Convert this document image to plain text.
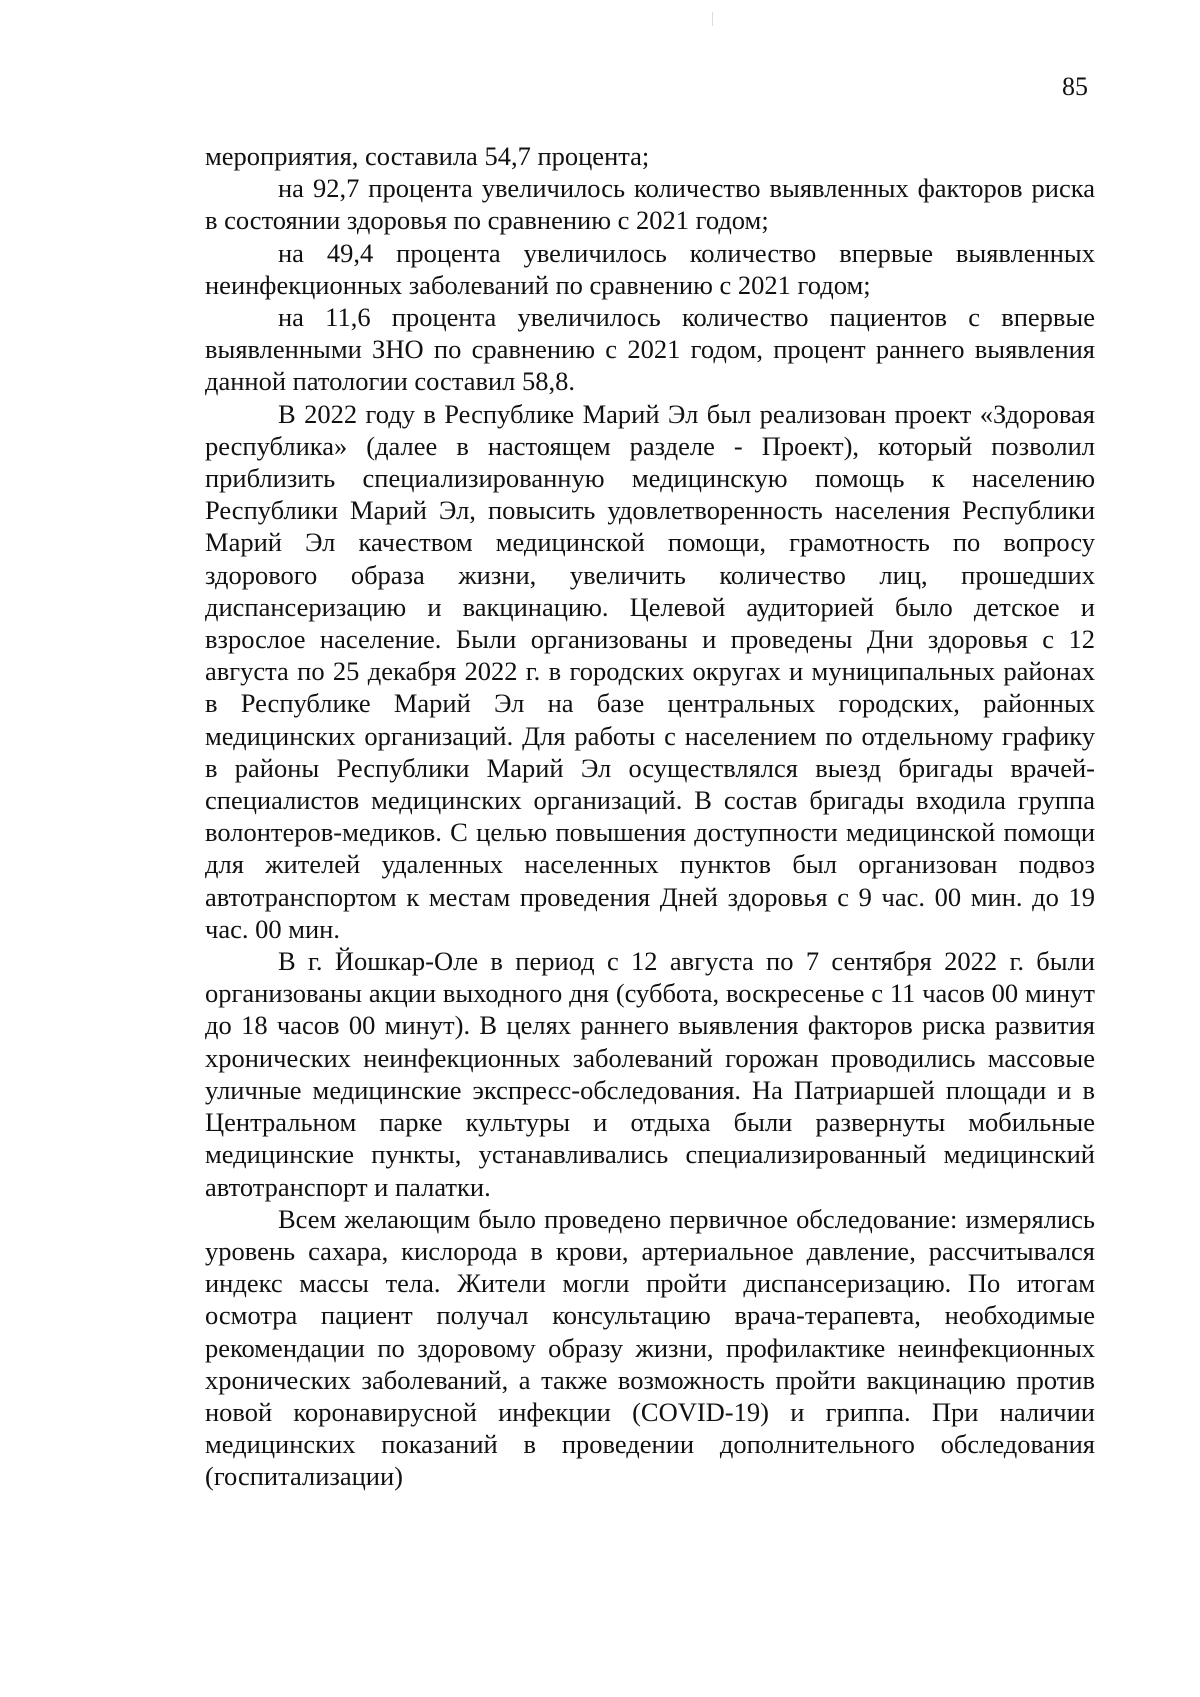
85

мероприятия, составила 54,7 процента;

на 92,7 процента увеличилось количество выявленных факторов риска в состоянии здоровья по сравнению с 2021 годом;

на 49,4 процента увеличилось количество впервые выявленных неинфекционных заболеваний по сравнению с 2021 годом;

на 11,6 процента увеличилось количество пациентов с впервые выявленными ЗНО по сравнению с 2021 годом, процент раннего выявления данной патологии составил 58,8.

В 2022 году в Республике Марий Эл был реализован проект «Здоровая республика» (далее в настоящем разделе - Проект), который позволил приблизить специализированную медицинскую помощь к населению Республики Марий Эл, повысить удовлетворенность населения Республики Марий Эл качеством медицинской помощи, грамотность по вопросу здорового образа жизни, увеличить количество лиц, прошедших диспансеризацию и вакцинацию. Целевой аудиторией было детское и взрослое население. Были организованы и проведены Дни здоровья с 12 августа по 25 декабря 2022 г. в городских округах и муниципальных районах в Республике Марий Эл на базе центральных городских, районных медицинских организаций. Для работы с населением по отдельному графику в районы Республики Марий Эл осуществлялся выезд бригады врачей-специалистов медицинских организаций. В состав бригады входила группа волонтеров-медиков. С целью повышения доступности медицинской помощи для жителей удаленных населенных пунктов был организован подвоз автотранспортом к местам проведения Дней здоровья с 9 час. 00 мин. до 19 час. 00 мин.

В г. Йошкар-Оле в период с 12 августа по 7 сентября 2022 г. были организованы акции выходного дня (суббота, воскресенье с 11 часов 00 минут до 18 часов 00 минут). В целях раннего выявления факторов риска развития хронических неинфекционных заболеваний горожан проводились массовые уличные медицинские экспресс-обследования. На Патриаршей площади и в Центральном парке культуры и отдыха были развернуты мобильные медицинские пункты, устанавливались специализированный медицинский автотранспорт и палатки.

Всем желающим было проведено первичное обследование: измерялись уровень сахара, кислорода в крови, артериальное давление, рассчитывался индекс массы тела. Жители могли пройти диспансеризацию. По итогам осмотра пациент получал консультацию врача-терапевта, необходимые рекомендации по здоровому образу жизни, профилактике неинфекционных хронических заболеваний, а также возможность пройти вакцинацию против новой коронавирусной инфекции (COVID-19) и гриппа. При наличии медицинских показаний в проведении дополнительного обследования (госпитализации)
